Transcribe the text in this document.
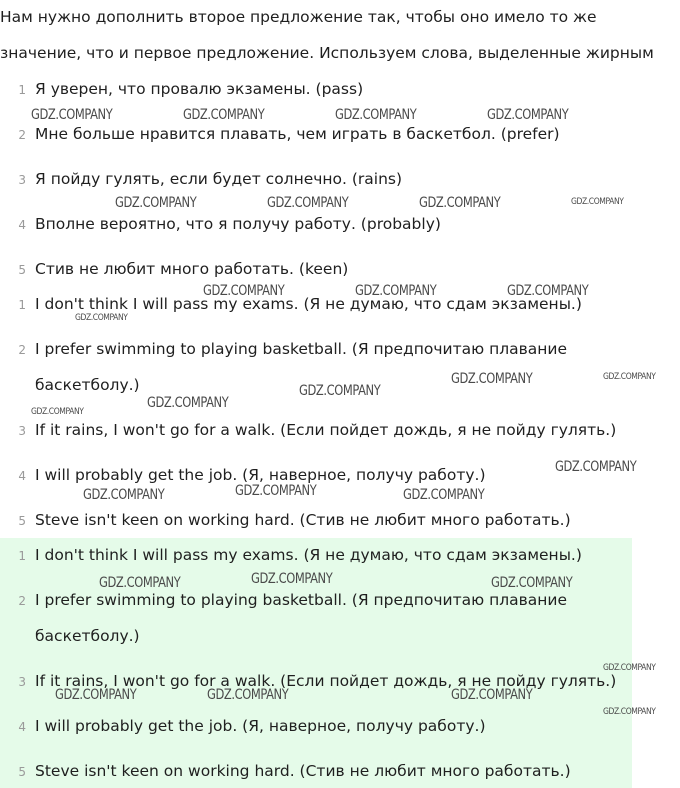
Нам нужно дополнить второе предложение так, чтобы оно имело то же
значение, что и первое предложение. Используем слова, выделенные жирным
1 Я уверен, что провалю экзамены. (pass)
2 Мне больше нравится плавать, чем играть в баскетбол. (prefer)
3 Я пойду гулять, если будет солнечно. (rains)
4 Вполне вероятно, что я получу работу. (probably)
5 Стив не любит много работать. (keen)
1 I don't think I will pass my exams. (Я не думаю, что сдам экзамены.)
2 I prefer swimming to playing basketball. (Я предпочитаю плавание
баскетболу.)
3 If it rains, I won't go for a walk. (Если пойдет дождь, я не пойду гулять.)
4 I will probably get the job. (Я, наверное, получу работу.)
5 Steve isn't keen on working hard. (Стив не любит много работать.)
1 I don't think I will pass my exams. (Я не думаю, что сдам экзамены.)
2 I prefer swimming to playing basketball. (Я предпочитаю плавание
баскетболу.)
3 If it rains, I won't go for a walk. (Если пойдет дождь, я не пойду гулять.)
4 I will probably get the job. (Я, наверное, получу работу.)
5 Steve isn't keen on working hard. (Стив не любит много работать.)
GDZ.COMPANY	GDZ.COMPANY	GDZ.COMPANY	GDZ.COMPANY
GDZ.COMPANY	GDZ.COMPANY	GDZ.COMPANY	GDZ.COMPANY
GDZ.COMPANY	GDZ.COMPANY	GDZ.COMPANY
GDZ.COMPANY
GDZ.COMPANY	GDZ.COMPANY
GDZ.COMPANY
GDZ.COMPANY
GDZ.COMPANY
GDZ.COMPANY
GDZ.COMPANY
GDZ.COMPANY	GDZ.COMPANY
GDZ.COMPANY
GDZ.COMPANY	GDZ.COMPANY
GDZ.COMPANY
GDZ.COMPANY	GDZ.COMPANY	GDZ.COMPANY
GDZ.COMPANY
